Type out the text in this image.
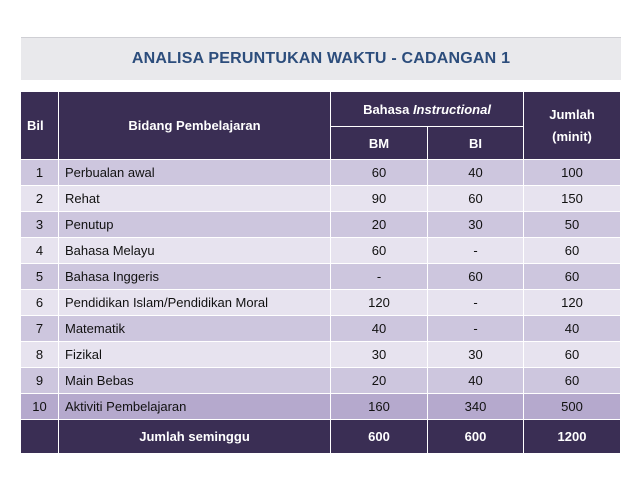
ANALISA PERUNTUKAN WAKTU - CADANGAN 1
Bil	Bidang Pembelajaran	Bahasa Instructional		Jumlah
(minit)

		BM	BI	
1	Perbualan awal	60	40	100
2	Rehat	90	60	150
3	Penutup	20	30	50
4	Bahasa Melayu	60	-	60
5	Bahasa Inggeris	-	60	60
6	Pendidikan Islam/Pendidikan Moral	120	-	120
7	Matematik	40	-	40
8	Fizikal	30	30	60
9	Main Bebas	20	40	60
10	Aktiviti Pembelajaran	160	340	500
	Jumlah seminggu	600	600	1200
